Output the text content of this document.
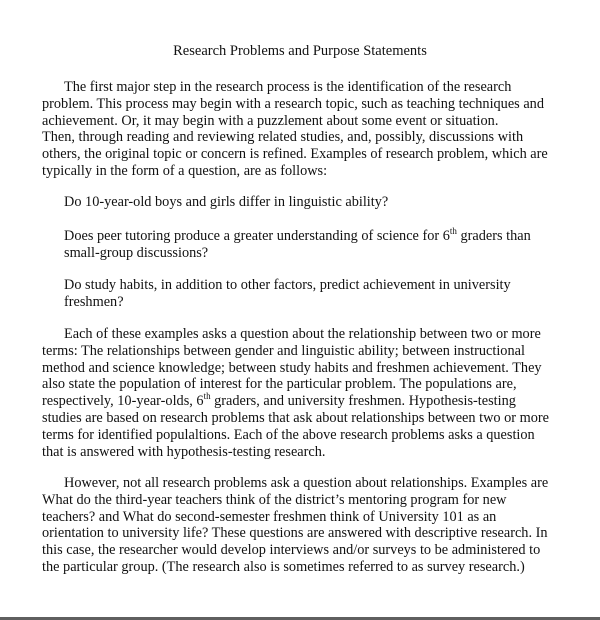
Research Problems and Purpose Statements

The first major step in the research process is the identification of the research
problem. This process may begin with a research topic, such as teaching techniques and
achievement. Or, it may begin with a puzzlement about some event or situation.
Then, through reading and reviewing related studies, and, possibly, discussions with
others, the original topic or concern is refined. Examples of research problem, which are
typically in the form of a question, are as follows:

Do 10-year-old boys and girls differ in linguistic ability?

Does peer tutoring produce a greater understanding of science for 6th graders than
small-group discussions?

Do study habits, in addition to other factors, predict achievement in university
freshmen?

Each of these examples asks a question about the relationship between two or more
terms: The relationships between gender and linguistic ability; between instructional
method and science knowledge; between study habits and freshmen achievement. They
also state the population of interest for the particular problem. The populations are,
respectively, 10-year-olds, 6th graders, and university freshmen. Hypothesis-testing
studies are based on research problems that ask about relationships between two or more
terms for identified populaltions. Each of the above research problems asks a question
that is answered with hypothesis-testing research.

However, not all research problems ask a question about relationships. Examples are
What do the third-year teachers think of the district’s mentoring program for new
teachers? and What do second-semester freshmen think of University 101 as an
orientation to university life? These questions are answered with descriptive research. In
this case, the researcher would develop interviews and/or surveys to be administered to
the particular group. (The research also is sometimes referred to as survey research.)
